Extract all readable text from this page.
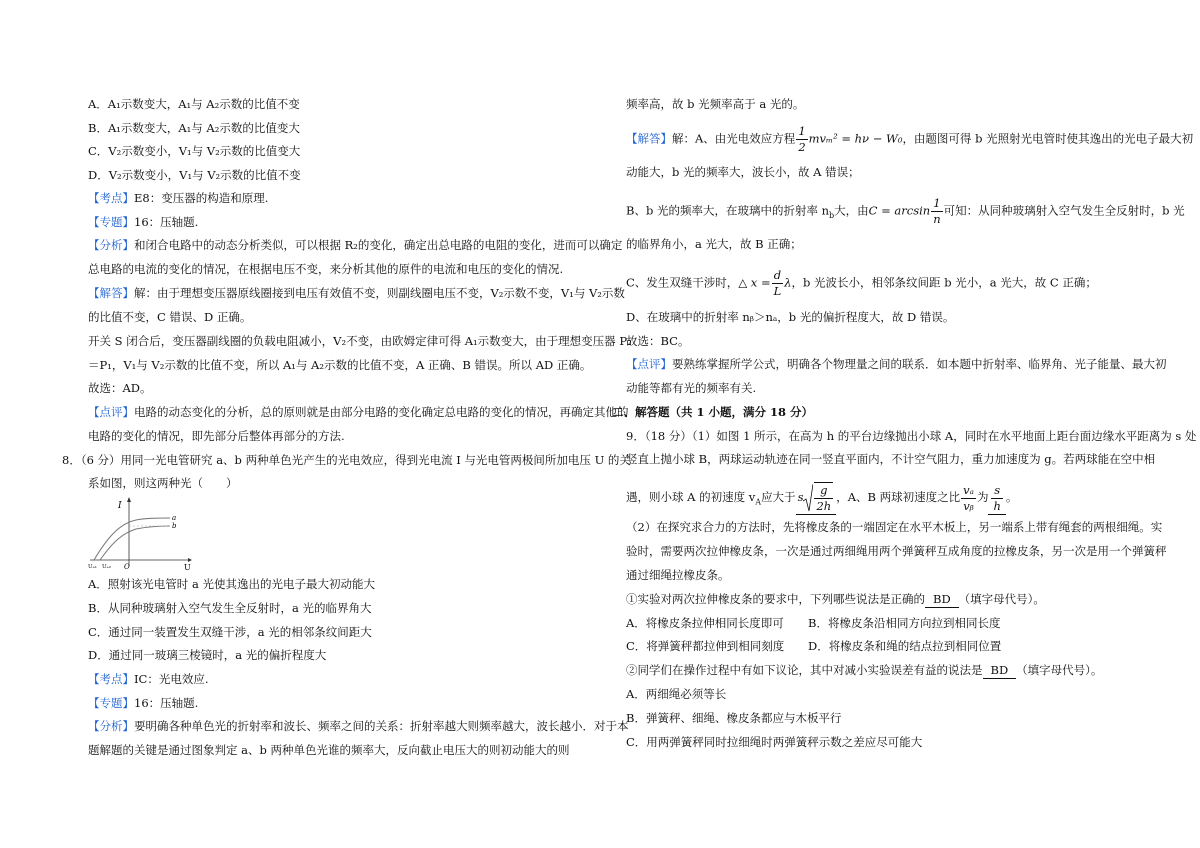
A．A₁示数变大，A₁与 A₂示数的比值不变
B．A₁示数变大，A₁与 A₂示数的比值变大
C．V₂示数变小，V₁与 V₂示数的比值变大
D．V₂示数变小，V₁与 V₂示数的比值不变
【考点】E8：变压器的构造和原理.
【专题】16：压轴题.
【分析】和闭合电路中的动态分析类似，可以根据 R₂的变化，确定出总电路的电阻的变化，进而可以确定
总电路的电流的变化的情况，在根据电压不变，来分析其他的原件的电流和电压的变化的情况.
【解答】解：由于理想变压器原线圈接到电压有效值不变，则副线圈电压不变，V₂示数不变，V₁与 V₂示数
的比值不变，C 错误、D 正确。
开关 S 闭合后，变压器副线圈的负载电阻减小，V₂不变，由欧姆定律可得 A₁示数变大，由于理想变压器 P₂
＝P₁，V₁与 V₂示数的比值不变，所以 A₁与 A₂示数的比值不变，A 正确、B 错误。所以 AD 正确。
故选：AD。
【点评】电路的动态变化的分析，总的原则就是由部分电路的变化确定总电路的变化的情况，再确定其他的
电路的变化的情况，即先部分后整体再部分的方法.
8．（6 分）用同一光电管研究 a、b 两种单色光产生的光电效应，得到光电流 I 与光电管两极间所加电压 U 的关
系如图，则这两种光（　　）
A．照射该光电管时 a 光使其逸出的光电子最大初动能大
B．从同种玻璃射入空气发生全反射时，a 光的临界角大
C．通过同一装置发生双缝干涉，a 光的相邻条纹间距大
D．通过同一玻璃三棱镜时，a 光的偏折程度大
【考点】IC：光电效应.
【专题】16：压轴题.
【分析】要明确各种单色光的折射率和波长、频率之间的关系：折射率越大则频率越大，波长越小．对于本
题解题的关键是通过图象判定 a、b 两种单色光谁的频率大，反向截止电压大的则初动能大的则
I
U
O
a
b
Uₑ₁ Uₑ₂
频率高，故 b 光频率高于 a 光的。
【解答】解：A、由光电效应方程 $\frac{1}{2} mv_m^2 = h\nu - W_0$，由题图可得 b 光照射光电管时使其逸出的光电子最大初
动能大，b 光的频率大，波长小，故 A 错误；
B、b 光的频率大，在玻璃中的折射率 $n_b$大，由$C = \arcsin \frac{1}{n}$ 可知：从同种玻璃射入空气发生全反射时，b 光
的临界角小，a 光大，故 B 正确；
C、发生双缝干涉时，△ $x = \frac{d}{L}$ λ，b 光波长小，相邻条纹间距 b 光小，a 光大，故 C 正确；
D、在玻璃中的折射率 nᵦ＞nₐ，b 光的偏折程度大，故 D 错误。
故选：BC。
【点评】要熟练掌握所学公式，明确各个物理量之间的联系．如本题中折射率、临界角、光子能量、最大初
动能等都有光的频率有关.
二、解答题（共 1 小题，满分 18 分）
9．（18 分）（1）如图 1 所示，在高为 h 的平台边缘抛出小球 A，同时在水平地面上距台面边缘水平距离为 s 处
竖直上抛小球 B，两球运动轨迹在同一竖直平面内，不计空气阻力，重力加速度为 g。若两球能在空中相
遇，则小球 A 的初速度 $v_A$应大于 s $\frac{g}{2h}$ ，A、B 两球初速度之比 $\frac{\text{vₐ}}{\text{vᵦ}}$ 为 $\frac{s}{h}$ 。
（2）在探究求合力的方法时，先将橡皮条的一端固定在水平木板上，另一端系上带有绳套的两根细绳。实
验时，需要两次拉伸橡皮条，一次是通过两细绳用两个弹簧秤互成角度的拉橡皮条，另一次是用一个弹簧秤
通过细绳拉橡皮条。
①实验对两次拉伸橡皮条的要求中，下列哪些说法是正确的 BD （填字母代号）。
A．将橡皮条拉伸相同长度即可 B．将橡皮条沿相同方向拉到相同长度
C．将弹簧秤都拉伸到相同刻度 D．将橡皮条和绳的结点拉到相同位置
②同学们在操作过程中有如下议论，其中对减小实验误差有益的说法是 BD （填字母代号）。
A．两细绳必须等长
B．弹簧秤、细绳、橡皮条都应与木板平行
C．用两弹簧秤同时拉细绳时两弹簧秤示数之差应尽可能大
